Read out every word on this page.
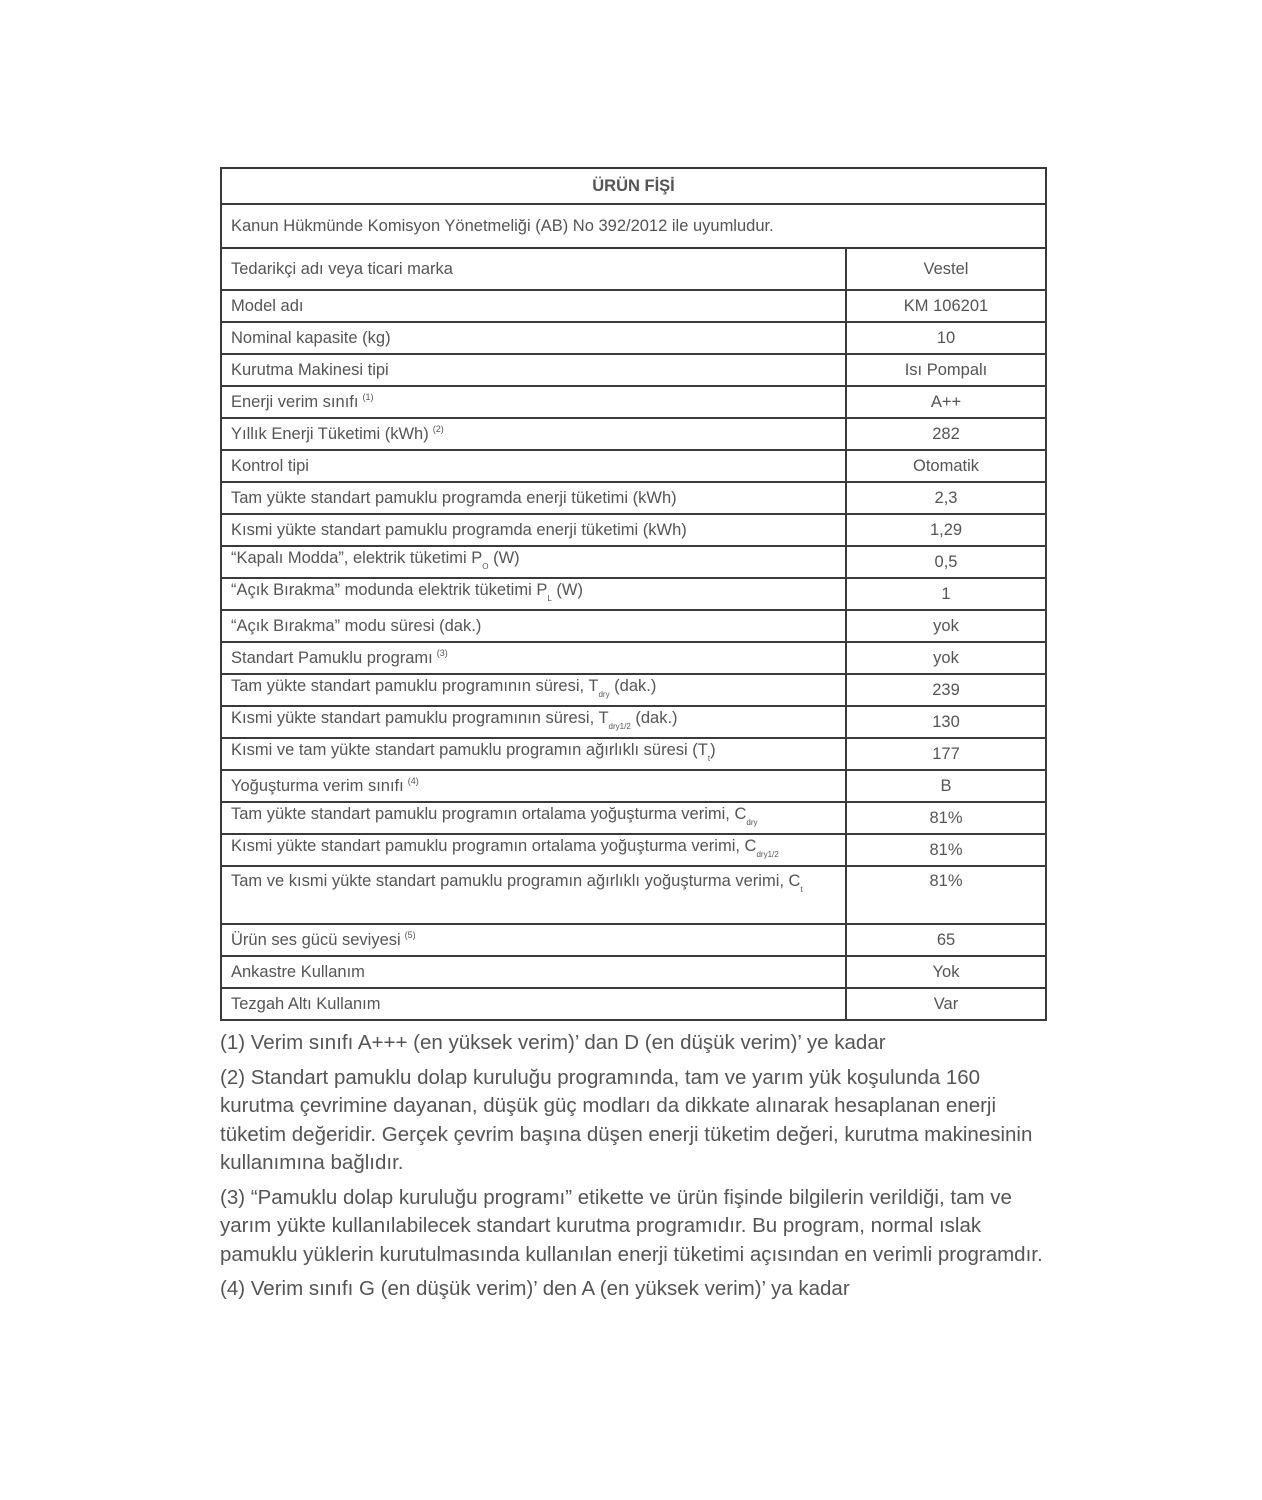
ÜRÜN FİŞİ	
Kanun Hükmünde Komisyon Yönetmeliği (AB) No 392/2012 ile uyumludur.	
Tedarikçi adı veya ticari marka	Vestel
Model adı	KM 106201
Nominal kapasite (kg)	10
Kurutma Makinesi tipi	Isı Pompalı
Enerji verim sınıfı (1)	A++
Yıllık Enerji Tüketimi (kWh) (2)	282
Kontrol tipi	Otomatik
Tam yükte standart pamuklu programda enerji tüketimi (kWh)	2,3
Kısmi yükte standart pamuklu programda enerji tüketimi (kWh)	1,29
“Kapalı Modda”, elektrik tüketimi $P_O$ (W)	0,5
“Açık Bırakma” modunda elektrik tüketimi $P_L$ (W)	1
“Açık Bırakma” modu süresi (dak.)	yok
Standart Pamuklu programı (3)	yok
Tam yükte standart pamuklu programının süresi, $T_{dry}$ (dak.)	239
Kısmi yükte standart pamuklu programının süresi, $T_{dry1/2}$ (dak.)	130
Kısmi ve tam yükte standart pamuklu programın ağırlıklı süresi $(T_t)$	177
Yoğuşturma verim sınıfı (4)	B
Tam yükte standart pamuklu programın ortalama yoğuşturma verimi, $C_{dry}$	81%
Kısmi yükte standart pamuklu programın ortalama yoğuşturma verimi, $C_{dry1/2}$	81%
Tam ve kısmi yükte standart pamuklu programın ağırlıklı yoğuşturma verimi, $C_t$	81%
Ürün ses gücü seviyesi (5)	65
Ankastre Kullanım	Yok
Tezgah Altı Kullanım	Var

(1) Verim sınıfı A+++ (en yüksek verim)’ dan D (en düşük verim)’ ye kadar

(2) Standart pamuklu dolap kuruluğu programında, tam ve yarım yük koşulunda 160 kurutma çevrimine dayanan, düşük güç modları da dikkate alınarak hesaplanan enerji tüketim değeridir. Gerçek çevrim başına düşen enerji tüketim değeri, kurutma makinesinin kullanımına bağlıdır.

(3) “Pamuklu dolap kuruluğu programı” etikette ve ürün fişinde bilgilerin verildiği, tam ve yarım yükte kullanılabilecek standart kurutma programıdır. Bu program, normal ıslak pamuklu yüklerin kurutulmasında kullanılan enerji tüketimi açısından en verimli programdır.

(4) Verim sınıfı G (en düşük verim)’ den A (en yüksek verim)’ ya kadar
